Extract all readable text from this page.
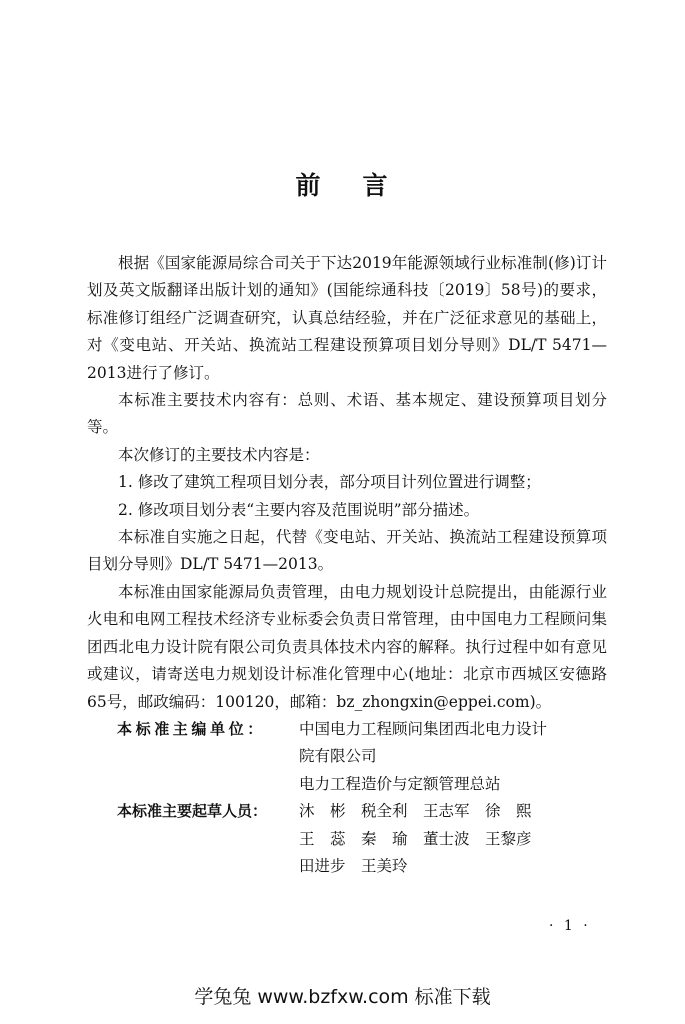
前 言

根据《国家能源局综合司关于下达2019年能源领域行业标准制(修)订计划及英文版翻译出版计划的通知》(国能综通科技〔2019〕58号)的要求，标准修订组经广泛调查研究，认真总结经验，并在广泛征求意见的基础上，对《变电站、开关站、换流站工程建设预算项目划分导则》DL/T 5471—2013进行了修订。

本标准主要技术内容有：总则、术语、基本规定、建设预算项目划分等。

本次修订的主要技术内容是：

1. 修改了建筑工程项目划分表，部分项目计列位置进行调整；

2. 修改项目划分表“主要内容及范围说明”部分描述。

本标准自实施之日起，代替《变电站、开关站、换流站工程建设预算项目划分导则》DL/T 5471—2013。

本标准由国家能源局负责管理，由电力规划设计总院提出，由能源行业火电和电网工程技术经济专业标委会负责日常管理，由中国电力工程顾问集团西北电力设计院有限公司负责具体技术内容的解释。执行过程中如有意见或建议，请寄送电力规划设计标准化管理中心(地址：北京市西城区安德路65号，邮政编码：100120，邮箱：bz_zhongxin@eppei.com)。

本标准主编单位：	中国电力工程顾问集团西北电力设计
院有限公司
电力工程造价与定额管理总站
本标准主要起草人员：	沐　彬　税全利　王志军　徐　熙
王　蕊　秦　瑜　董士波　王黎彦
田进步　王美玲
· 1 ·
学兔兔 www.bzfxw.com 标准下载
